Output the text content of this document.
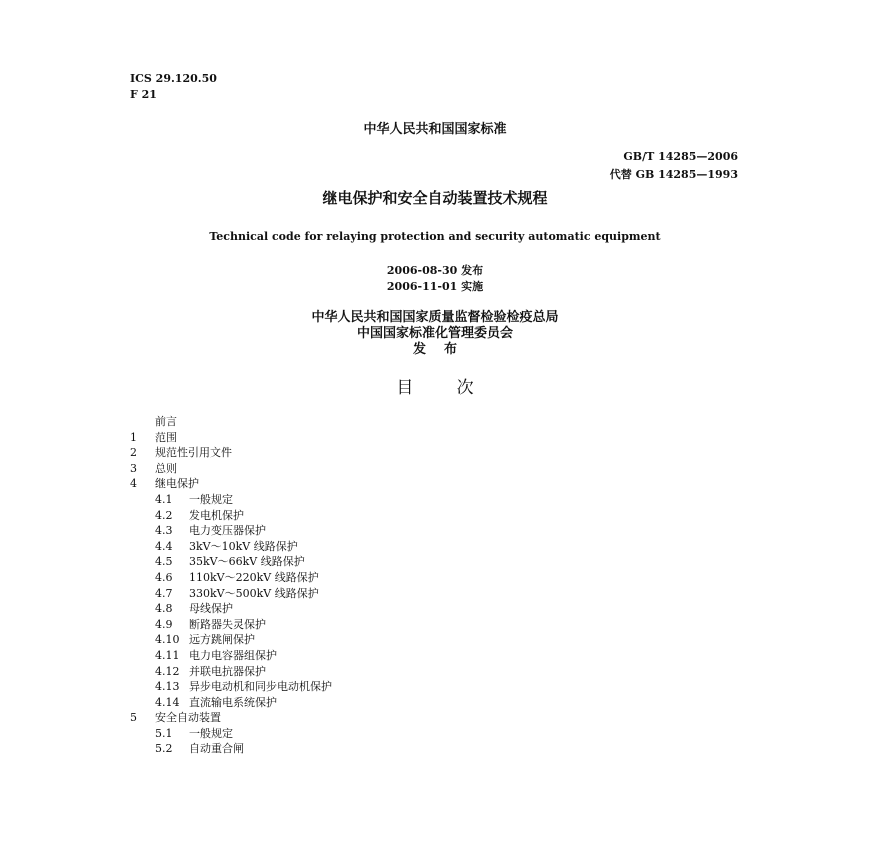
ICS 29.120.50
F 21
中华人民共和国国家标准
GB/T 14285—2006
代替 GB 14285—1993
继电保护和安全自动装置技术规程
Technical code for relaying protection and security automatic equipment
2006-08-30 发布
2006-11-01 实施
中华人民共和国国家质量监督检验检疫总局
中国国家标准化管理委员会
发    布
目        次
前言
1 范围
2 规范性引用文件
3 总则
4 继电保护
4.1 一般规定
4.2 发电机保护
4.3 电力变压器保护
4.4 3kV～10kV 线路保护
4.5 35kV～66kV 线路保护
4.6 110kV～220kV 线路保护
4.7 330kV～500kV 线路保护
4.8 母线保护
4.9 断路器失灵保护
4.10 远方跳闸保护
4.11 电力电容器组保护
4.12 并联电抗器保护
4.13 异步电动机和同步电动机保护
4.14 直流输电系统保护
5 安全自动装置
5.1 一般规定
5.2 自动重合闸
